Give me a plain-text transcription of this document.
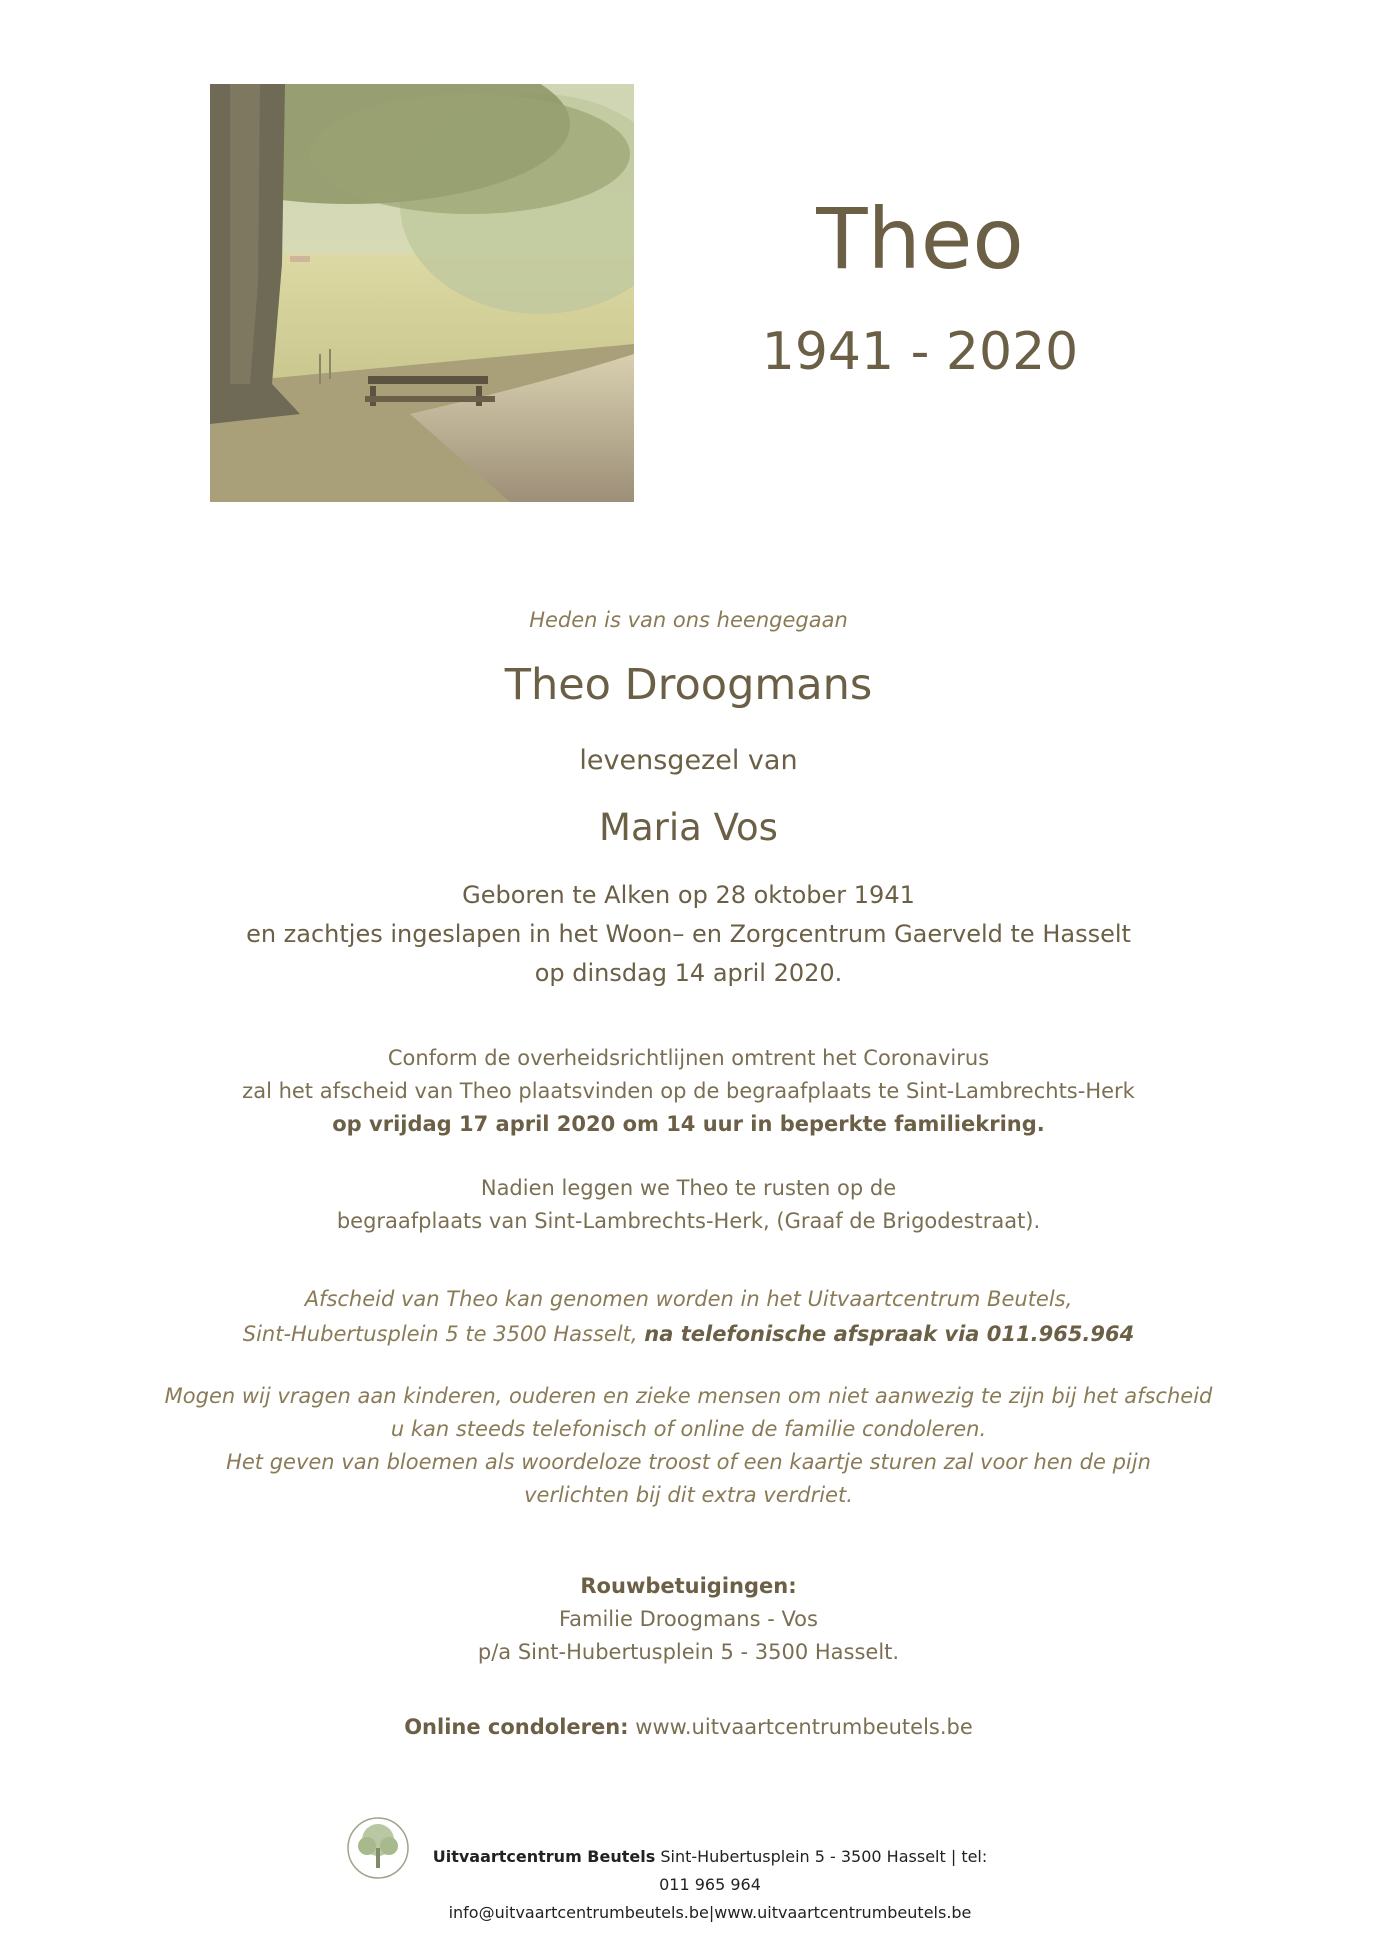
Theo
1941 - 2020
Heden is van ons heengegaan
Theo Droogmans
levensgezel van
Maria Vos
Geboren te Alken op 28 oktober 1941
en zachtjes ingeslapen in het Woon– en Zorgcentrum Gaerveld te Hasselt
op dinsdag 14 april 2020.
Conform de overheidsrichtlijnen omtrent het Coronavirus
zal het afscheid van Theo plaatsvinden op de begraafplaats te Sint-Lambrechts-Herk
op vrijdag 17 april 2020 om 14 uur in beperkte familiekring.
Nadien leggen we Theo te rusten op de
begraafplaats van Sint-Lambrechts-Herk, (Graaf de Brigodestraat).
Afscheid van Theo kan genomen worden in het Uitvaartcentrum Beutels,
Sint-Hubertusplein 5 te 3500 Hasselt, na telefonische afspraak via 011.965.964
Mogen wij vragen aan kinderen, ouderen en zieke mensen om niet aanwezig te zijn bij het afscheid
u kan steeds telefonisch of online de familie condoleren.
Het geven van bloemen als woordeloze troost of een kaartje sturen zal voor hen de pijn
verlichten bij dit extra verdriet.
Rouwbetuigingen:
Familie Droogmans - Vos
p/a Sint-Hubertusplein 5 - 3500 Hasselt.
Online condoleren: www.uitvaartcentrumbeutels.be
Uitvaartcentrum Beutels Sint-Hubertusplein 5 - 3500 Hasselt | tel: 011 965 964
info@uitvaartcentrumbeutels.be|www.uitvaartcentrumbeutels.be
